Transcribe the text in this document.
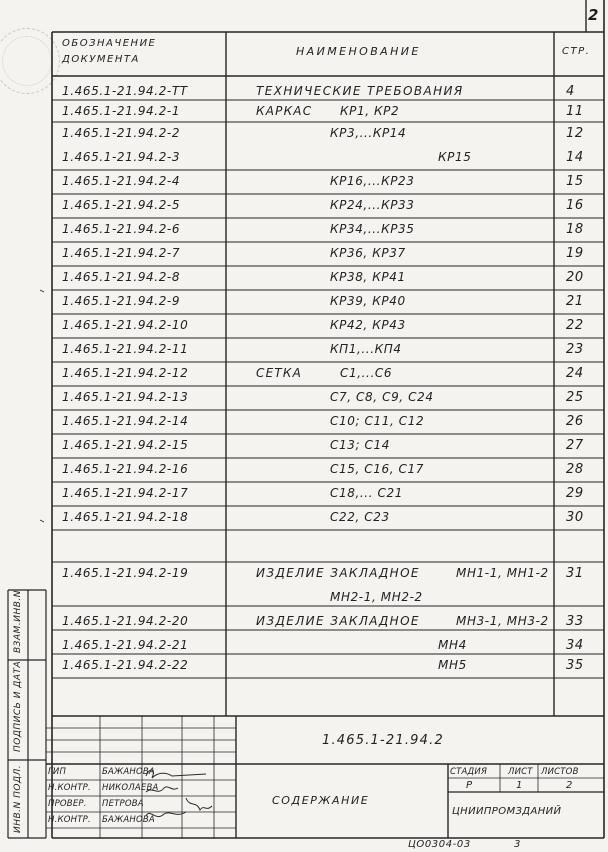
2
ОБОЗНАЧЕНИЕ
ДОКУМЕНТА
НАИМЕНОВАНИЕ	СТР.
1.465.1-21.94.2-ТТ	ТЕХНИЧЕСКИЕ ТРЕБОВАНИЯ	4
1.465.1-21.94.2-1	КАРКАС КР1, КР2	11
1.465.1-21.94.2-2	КР3,...КР14	12
1.465.1-21.94.2-3	КР15	14
1.465.1-21.94.2-4	КР16,...КР23	15
1.465.1-21.94.2-5	КР24,...КР33	16
1.465.1-21.94.2-6	КР34,...КР35	18
1.465.1-21.94.2-7	КР36, КР37	19
1.465.1-21.94.2-8	КР38, КР41	20
1.465.1-21.94.2-9	КР39, КР40	21
1.465.1-21.94.2-10	КР42, КР43	22
1.465.1-21.94.2-11	КП1,...КП4	23
1.465.1-21.94.2-12	СЕТКА	С1,...С6	24
1.465.1-21.94.2-13	С7, С8, С9, С24	25
1.465.1-21.94.2-14	С10; С11, С12	26
1.465.1-21.94.2-15	С13; С14	27
1.465.1-21.94.2-16	С15, С16, С17	28
1.465.1-21.94.2-17	С18,... С21	29
1.465.1-21.94.2-18	С22, С23	30
1.465.1-21.94.2-19	ИЗДЕЛИЕ ЗАКЛАДНОЕ	МН1-1, МН1-2 31
МН2-1, МН2-2
1.465.1-21.94.2-20	ИЗДЕЛИЕ ЗАКЛАДНОЕ	МН3-1, МН3-2 33
1.465.1-21.94.2-21	МН4	34
1.465.1-21.94.2-22	МН5	35
ВЗАМ.ИНВ.N
ПОДПИСЬ И ДАТА
ИНВ.N ПОДЛ.
1.465.1-21.94.2
СОДЕРЖАНИЕ
СТАДИЯ ЛИСТ ЛИСТОВ
Р	1	2
ЦНИИПРОМЗДАНИЙ
ГИП	БАЖАНОВА
Н.КОНТР. НИКОЛАЕВА
ПРОВЕР. ПЕТРОВА
Н.КОНТР. БАЖАНОВА
ЦО0304-03	3
